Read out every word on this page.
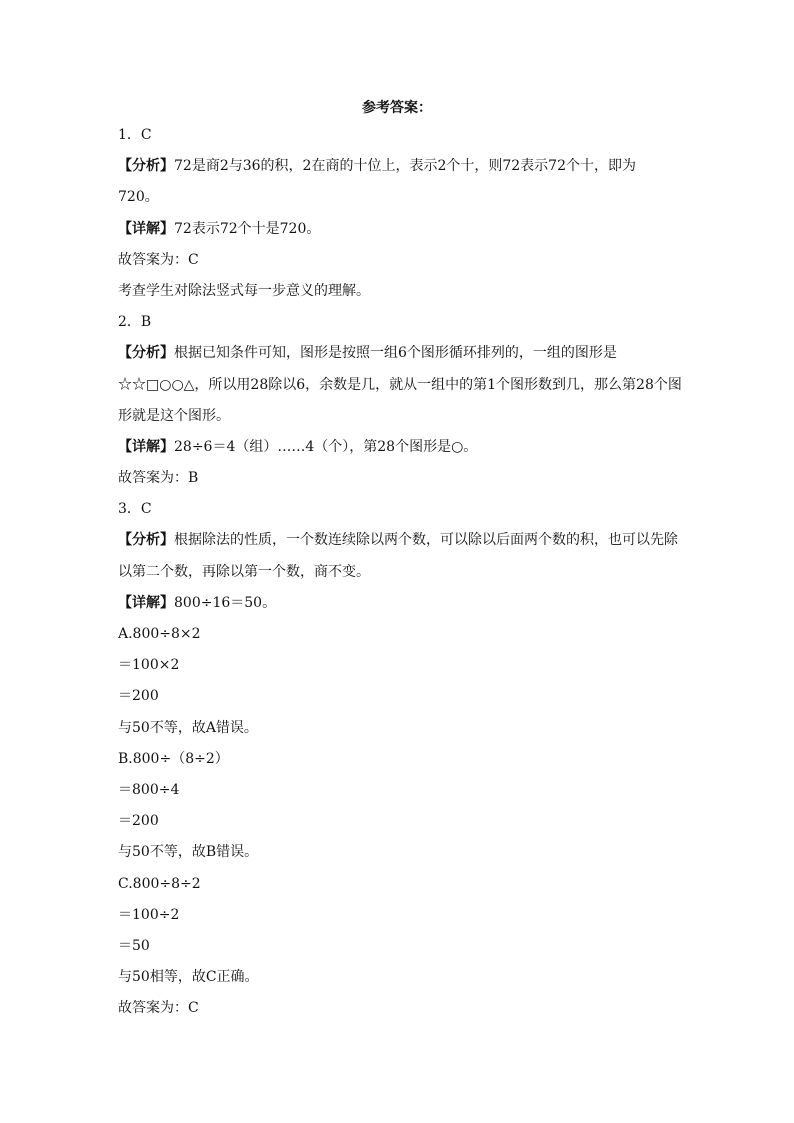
参考答案：
1．C
【分析】72是商2与36的积，2在商的十位上，表示2个十，则72表示72个十，即为
720。
【详解】72表示72个十是720。
故答案为：C
考查学生对除法竖式每一步意义的理解。
2．B
【分析】根据已知条件可知，图形是按照一组6个图形循环排列的，一组的图形是
☆☆□○○△，所以用28除以6，余数是几，就从一组中的第1个图形数到几，那么第28个图
形就是这个图形。
【详解】28÷6＝4（组）……4（个），第28个图形是○。
故答案为：B
3．C
【分析】根据除法的性质，一个数连续除以两个数，可以除以后面两个数的积，也可以先除
以第二个数，再除以第一个数，商不变。
【详解】800÷16＝50。
A.800÷8×2
＝100×2
＝200
与50不等，故A错误。
B.800÷（8÷2）
＝800÷4
＝200
与50不等，故B错误。
C.800÷8÷2
＝100÷2
＝50
与50相等，故C正确。
故答案为：C
